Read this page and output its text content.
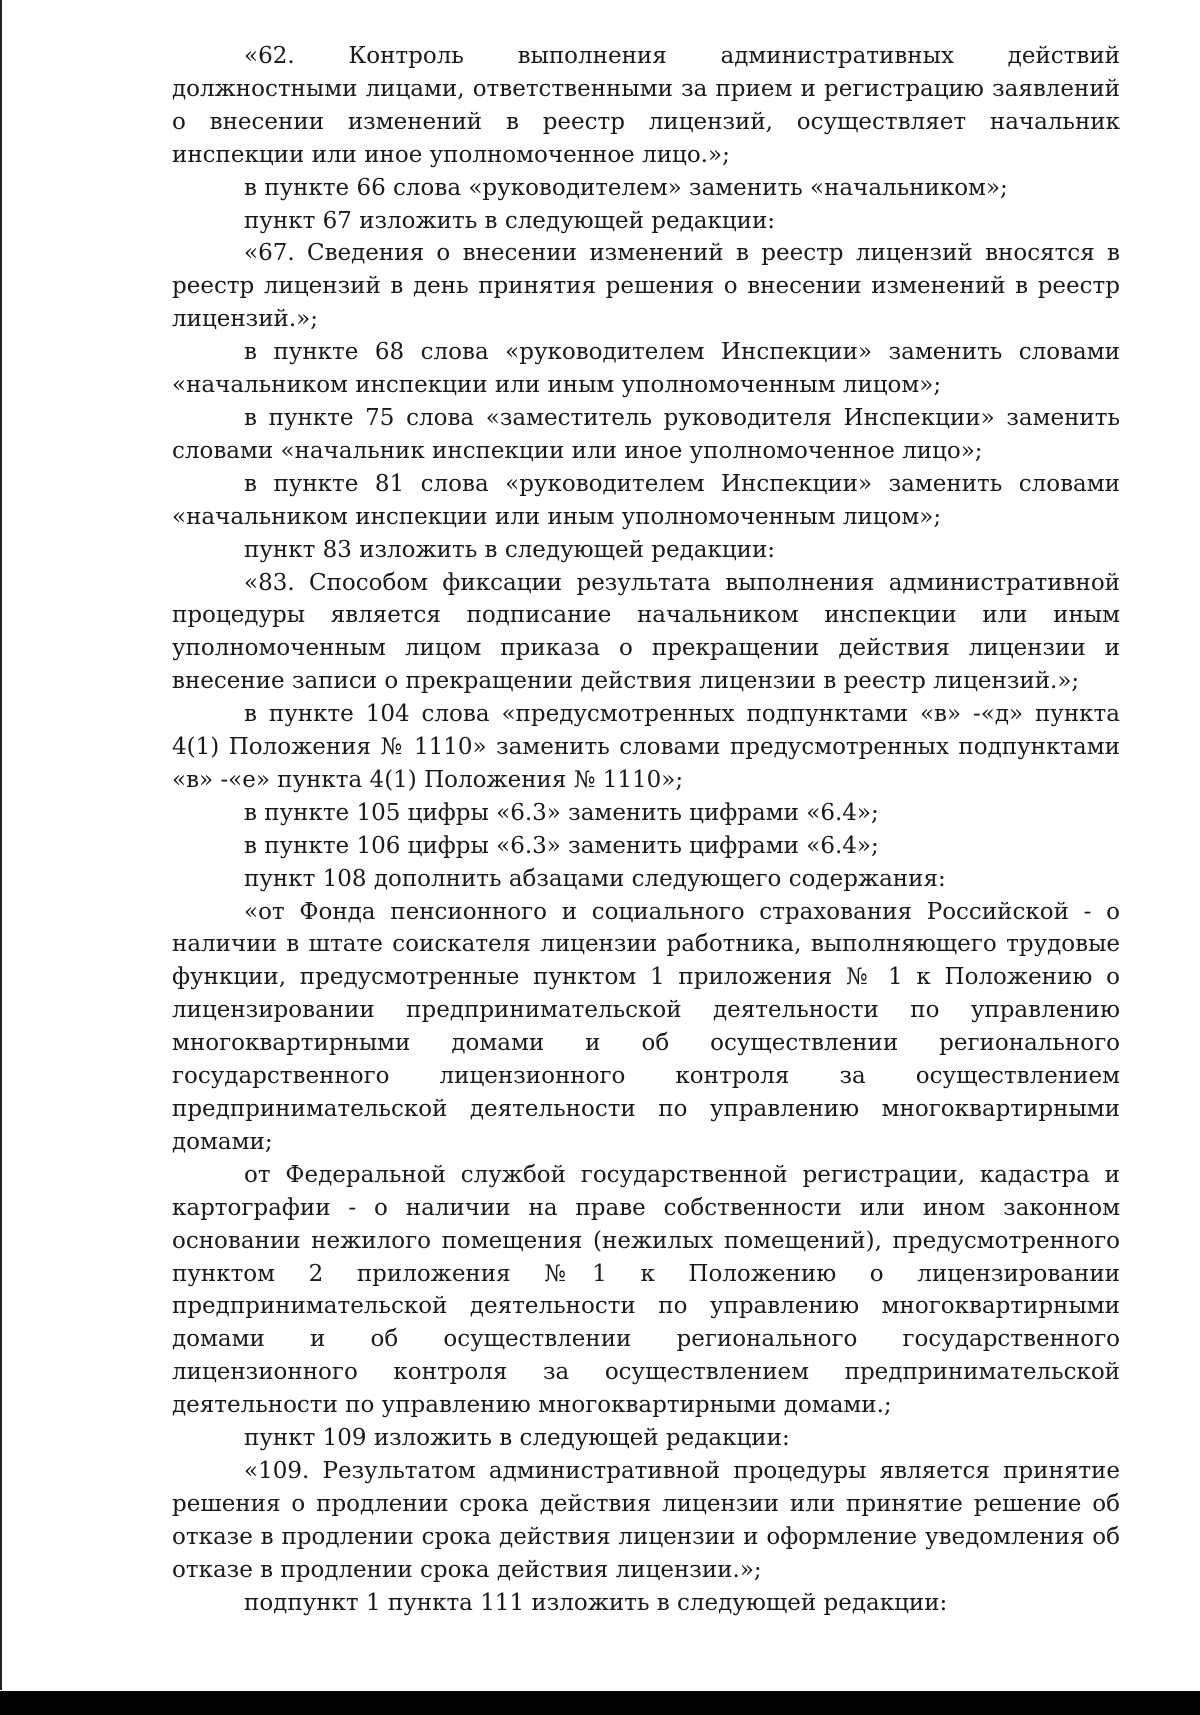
«62. Контроль выполнения административных действий должностными лицами, ответственными за прием и регистрацию заявлений о внесении изменений в реестр лицензий, осуществляет начальник инспекции или иное уполномоченное лицо.»;

в пункте 66 слова «руководителем» заменить «начальником»;

пункт 67 изложить в следующей редакции:

«67. Сведения о внесении изменений в реестр лицензий вносятся в реестр лицензий в день принятия решения о внесении изменений в реестр лицензий.»;

в пункте 68 слова «руководителем Инспекции» заменить словами «начальником инспекции или иным уполномоченным лицом»;

в пункте 75 слова «заместитель руководителя Инспекции» заменить словами «начальник инспекции или иное уполномоченное лицо»;

в пункте 81 слова «руководителем Инспекции» заменить словами «начальником инспекции или иным уполномоченным лицом»;

пункт 83 изложить в следующей редакции:

«83. Способом фиксации результата выполнения административной процедуры является подписание начальником инспекции или иным уполномоченным лицом приказа о прекращении действия лицензии и внесение записи о прекращении действия лицензии в реестр лицензий.»;

в пункте 104 слова «предусмотренных подпунктами «в» -«д» пункта 4(1) Положения № 1110» заменить словами предусмотренных подпунктами «в» -«е» пункта 4(1) Положения № 1110»;

в пункте 105 цифры «6.3» заменить цифрами «6.4»;

в пункте 106 цифры «6.3» заменить цифрами «6.4»;

пункт 108 дополнить абзацами следующего содержания:

«от Фонда пенсионного и социального страхования Российской - о наличии в штате соискателя лицензии работника, выполняющего трудовые функции, предусмотренные пунктом 1 приложения № 1 к Положению о лицензировании предпринимательской деятельности по управлению многоквартирными домами и об осуществлении регионального государственного лицензионного контроля за осуществлением предпринимательской деятельности по управлению многоквартирными домами;

от Федеральной службой государственной регистрации, кадастра и картографии - о наличии на праве собственности или ином законном основании нежилого помещения (нежилых помещений), предусмотренного пунктом 2 приложения №1 к Положению о лицензировании предпринимательской деятельности по управлению многоквартирными домами и об осуществлении регионального государственного лицензионного контроля за осуществлением предпринимательской деятельности по управлению многоквартирными домами.;

пункт 109 изложить в следующей редакции:

«109. Результатом административной процедуры является принятие решения о продлении срока действия лицензии или принятие решение об отказе в продлении срока действия лицензии и оформление уведомления об отказе в продлении срока действия лицензии.»;

подпункт 1 пункта 111 изложить в следующей редакции:
